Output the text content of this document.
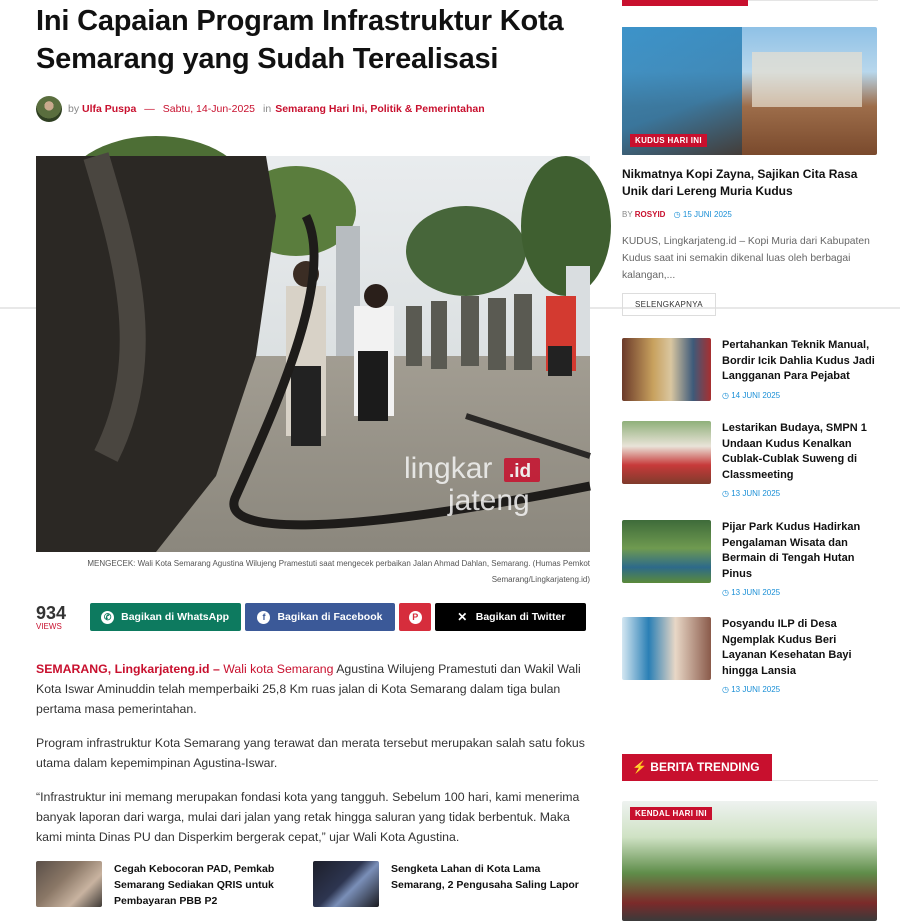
Ini Capaian Program Infrastruktur Kota Semarang yang Sudah Terealisasi
by
Ulfa Puspa — Sabtu, 14-Jun-2025 in Semarang Hari Ini, Politik & Pemerintahan
lingkar .id
jateng
MENGECEK: Wali Kota Semarang Agustina Wilujeng Pramestuti saat mengecek perbaikan Jalan Ahmad Dahlan, Semarang. (Humas Pemkot
Semarang/Lingkarjateng.id)
934
VIEWS
✆ Bagikan di WhatsApp	f	Bagikan di Facebook	P	✕ Bagikan di Twitter

SEMARANG, Lingkarjateng.id – Wali kota Semarang Agustina Wilujeng Pramestuti dan Wakil Wali Kota Iswar Aminuddin telah memperbaiki 25,8 Km ruas jalan di Kota Semarang dalam tiga bulan pertama masa pemerintahan.

Program infrastruktur Kota Semarang yang terawat dan merata tersebut merupakan salah satu fokus utama dalam kepemimpinan Agustina-Iswar.

“Infrastruktur ini memang merupakan fondasi kota yang tangguh. Sebelum 100 hari, kami menerima banyak laporan dari warga, mulai dari jalan yang retak hingga saluran yang tidak berbentuk. Maka kami minta Dinas PU dan Disperkim bergerak cepat,” ujar Wali Kota Agustina.

Cegah Kebocoran PAD, Pemkab Semarang Sediakan QRIS untuk Pembayaran PBB P2
Sengketa Lahan di Kota Lama Semarang, 2 Pengusaha Saling Lapor
KUDUS HARI INI
Nikmatnya Kopi Zayna, Sajikan Cita Rasa Unik dari Lereng Muria Kudus
BY ROSYID ◷ 15 JUNI 2025
KUDUS, Lingkarjateng.id – Kopi Muria dari Kabupaten Kudus saat ini semakin dikenal luas oleh berbagai kalangan,...
SELENGKAPNYA
Pertahankan Teknik Manual, Bordir Icik Dahlia Kudus Jadi Langganan Para Pejabat
◷ 14 JUNI 2025
Lestarikan Budaya, SMPN 1 Undaan Kudus Kenalkan Cublak-Cublak Suweng di Classmeeting
◷ 13 JUNI 2025
Pijar Park Kudus Hadirkan Pengalaman Wisata dan Bermain di Tengah Hutan Pinus
◷ 13 JUNI 2025
Posyandu ILP di Desa Ngemplak Kudus Beri Layanan Kesehatan Bayi hingga Lansia
◷ 13 JUNI 2025
⚡ BERITA TRENDING
KENDAL HARI INI
